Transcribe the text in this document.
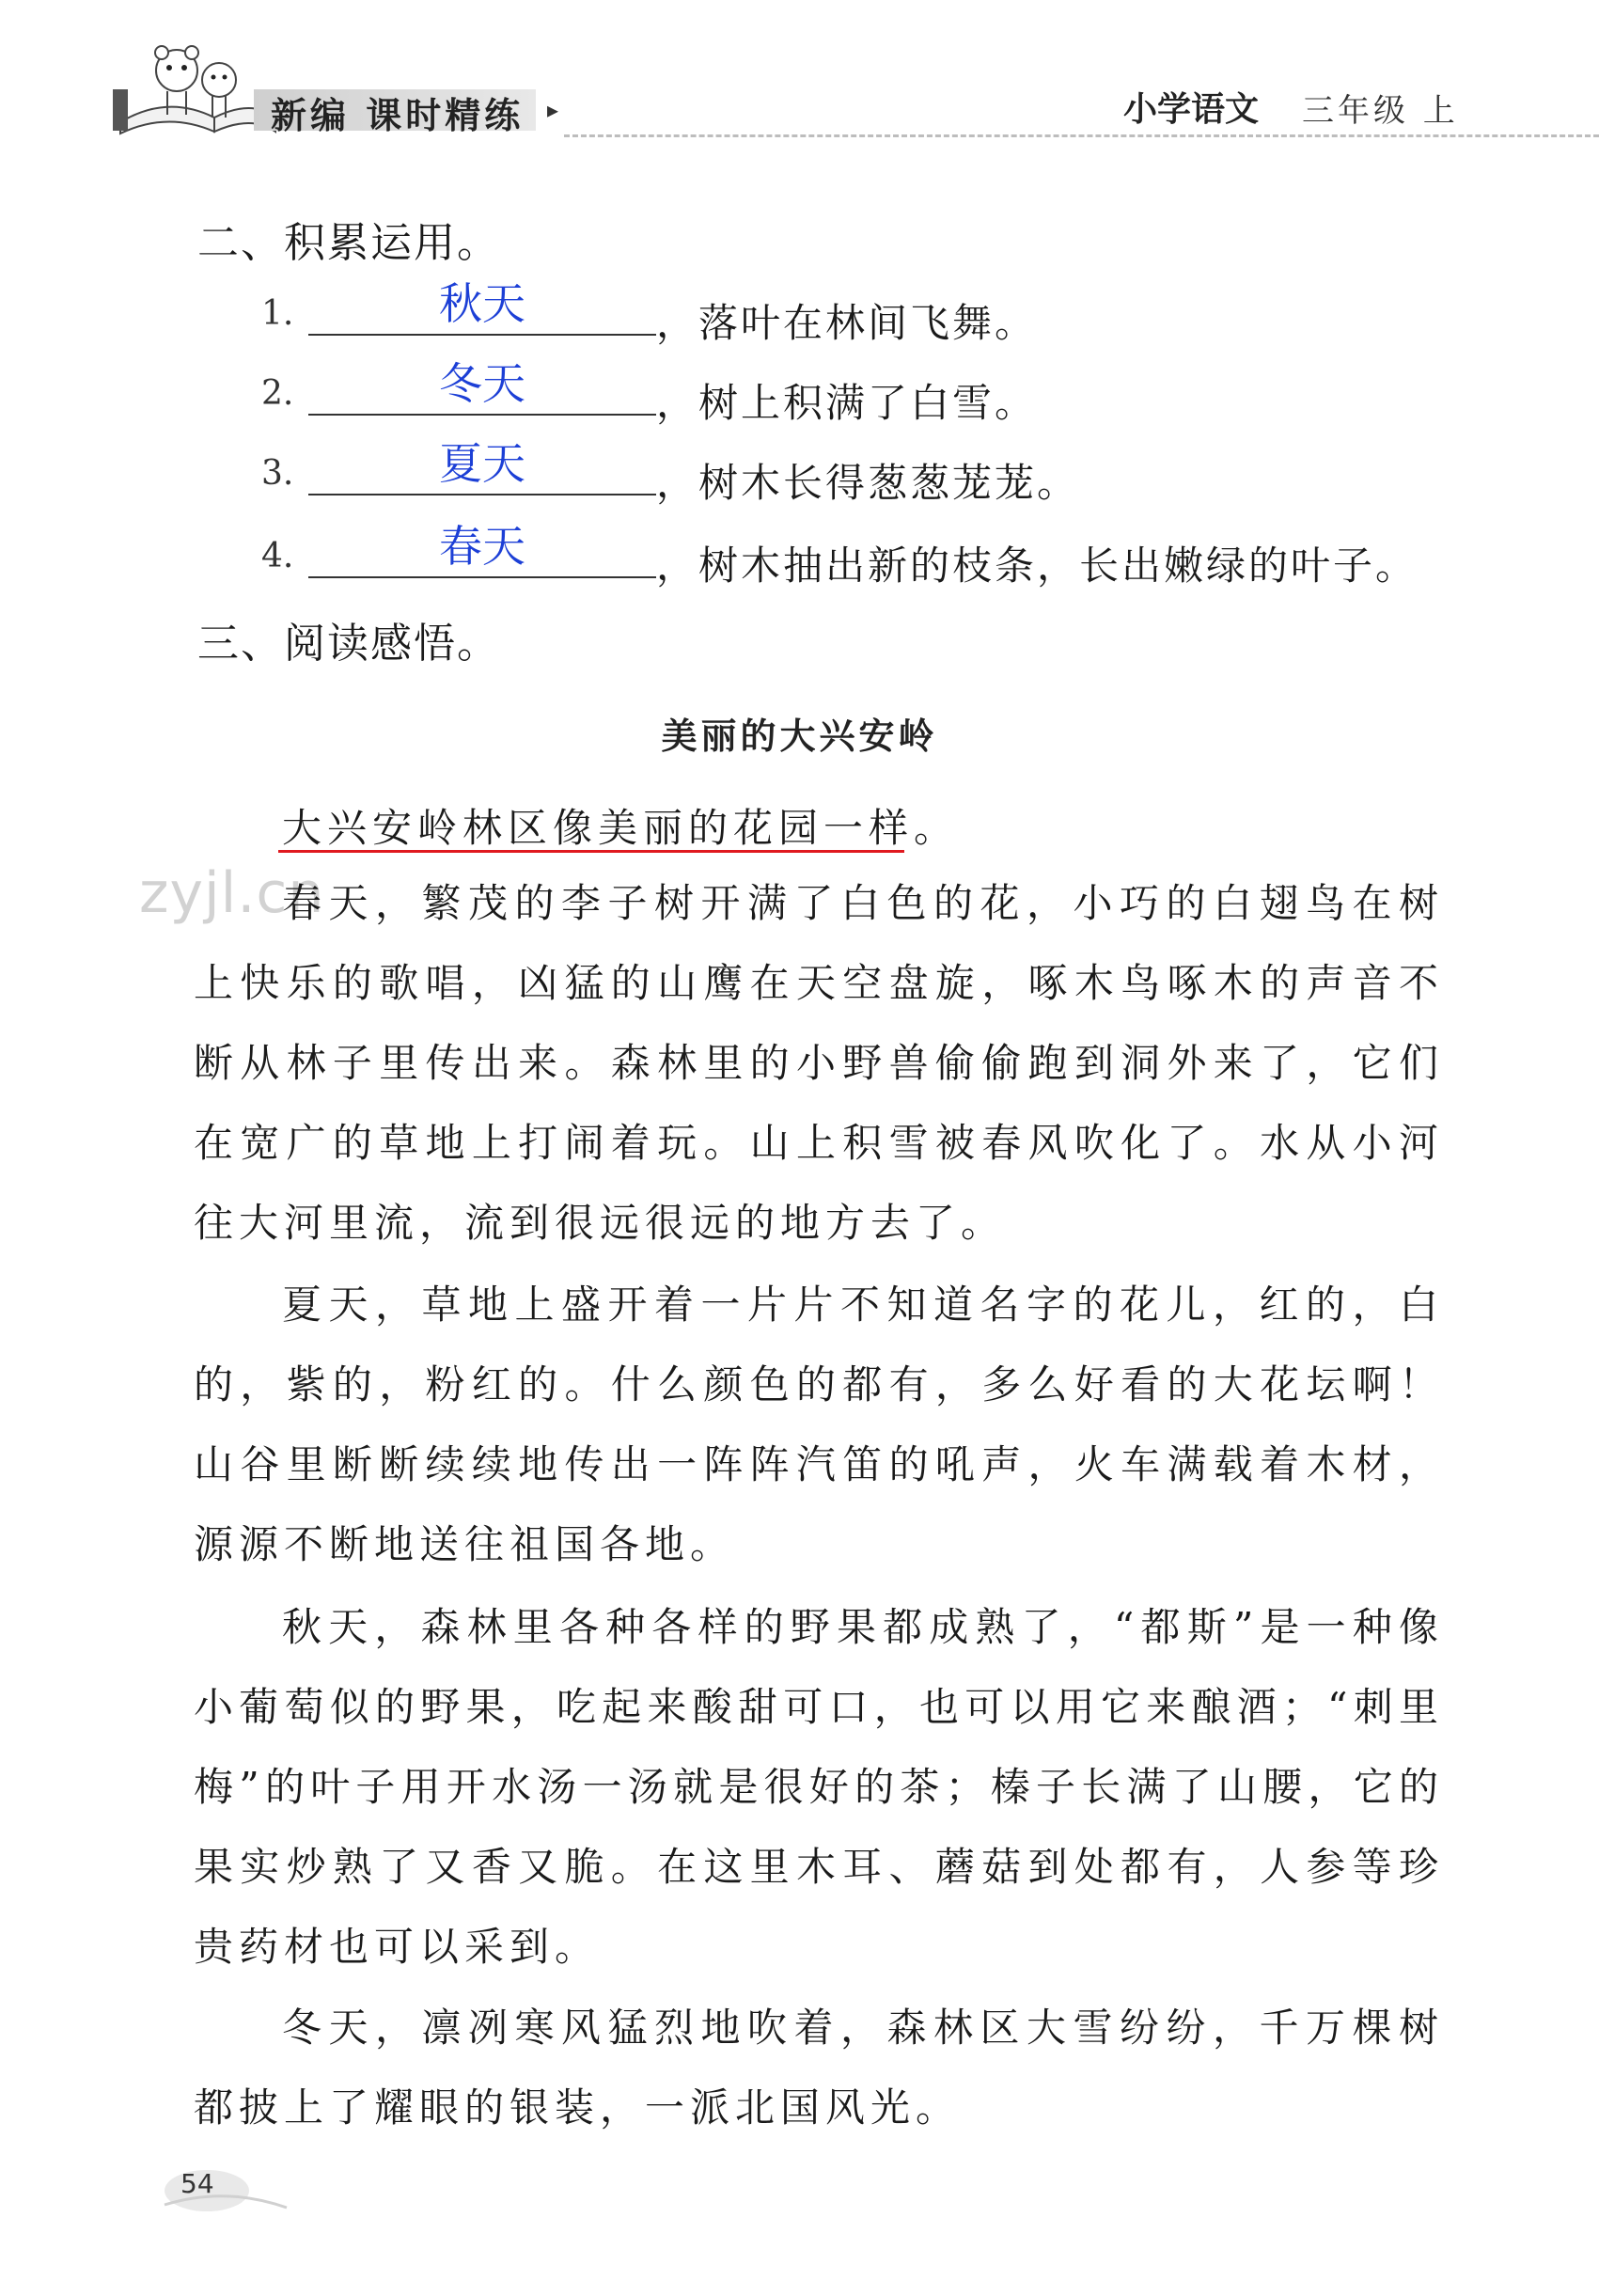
新编 课时精练 ▸	小学语文 三年级 上
二、积累运用。
1.	秋天	，落叶在林间飞舞。
2.	冬天	，树上积满了白雪。
3.	夏天	，树木长得葱葱茏茏。
4.	春天	，树木抽出新的枝条，长出嫩绿的叶子。
三、阅读感悟。
美丽的大兴安岭
大兴安岭林区像美丽的花园一样。
zyjl.cn

春天，繁茂的李子树开满了白色的花，小巧的白翅鸟在树上快乐的歌唱，凶猛的山鹰在天空盘旋，啄木鸟啄木的声音不断从林子里传出来。森林里的小野兽偷偷跑到洞外来了，它们在宽广的草地上打闹着玩。山上积雪被春风吹化了。水从小河往大河里流，流到很远很远的地方去了。

夏天，草地上盛开着一片片不知道名字的花儿，红的，白的，紫的，粉红的。什么颜色的都有，多么好看的大花坛啊！山谷里断断续续地传出一阵阵汽笛的吼声，火车满载着木材，源源不断地送往祖国各地。

秋天，森林里各种各样的野果都成熟了，“都斯”是一种像小葡萄似的野果，吃起来酸甜可口，也可以用它来酿酒；“刺里梅”的叶子用开水汤一汤就是很好的茶；榛子长满了山腰，它的果实炒熟了又香又脆。在这里木耳、蘑菇到处都有，人参等珍贵药材也可以采到。

冬天，凛冽寒风猛烈地吹着，森林区大雪纷纷，千万棵树都披上了耀眼的银装，一派北国风光。

54
